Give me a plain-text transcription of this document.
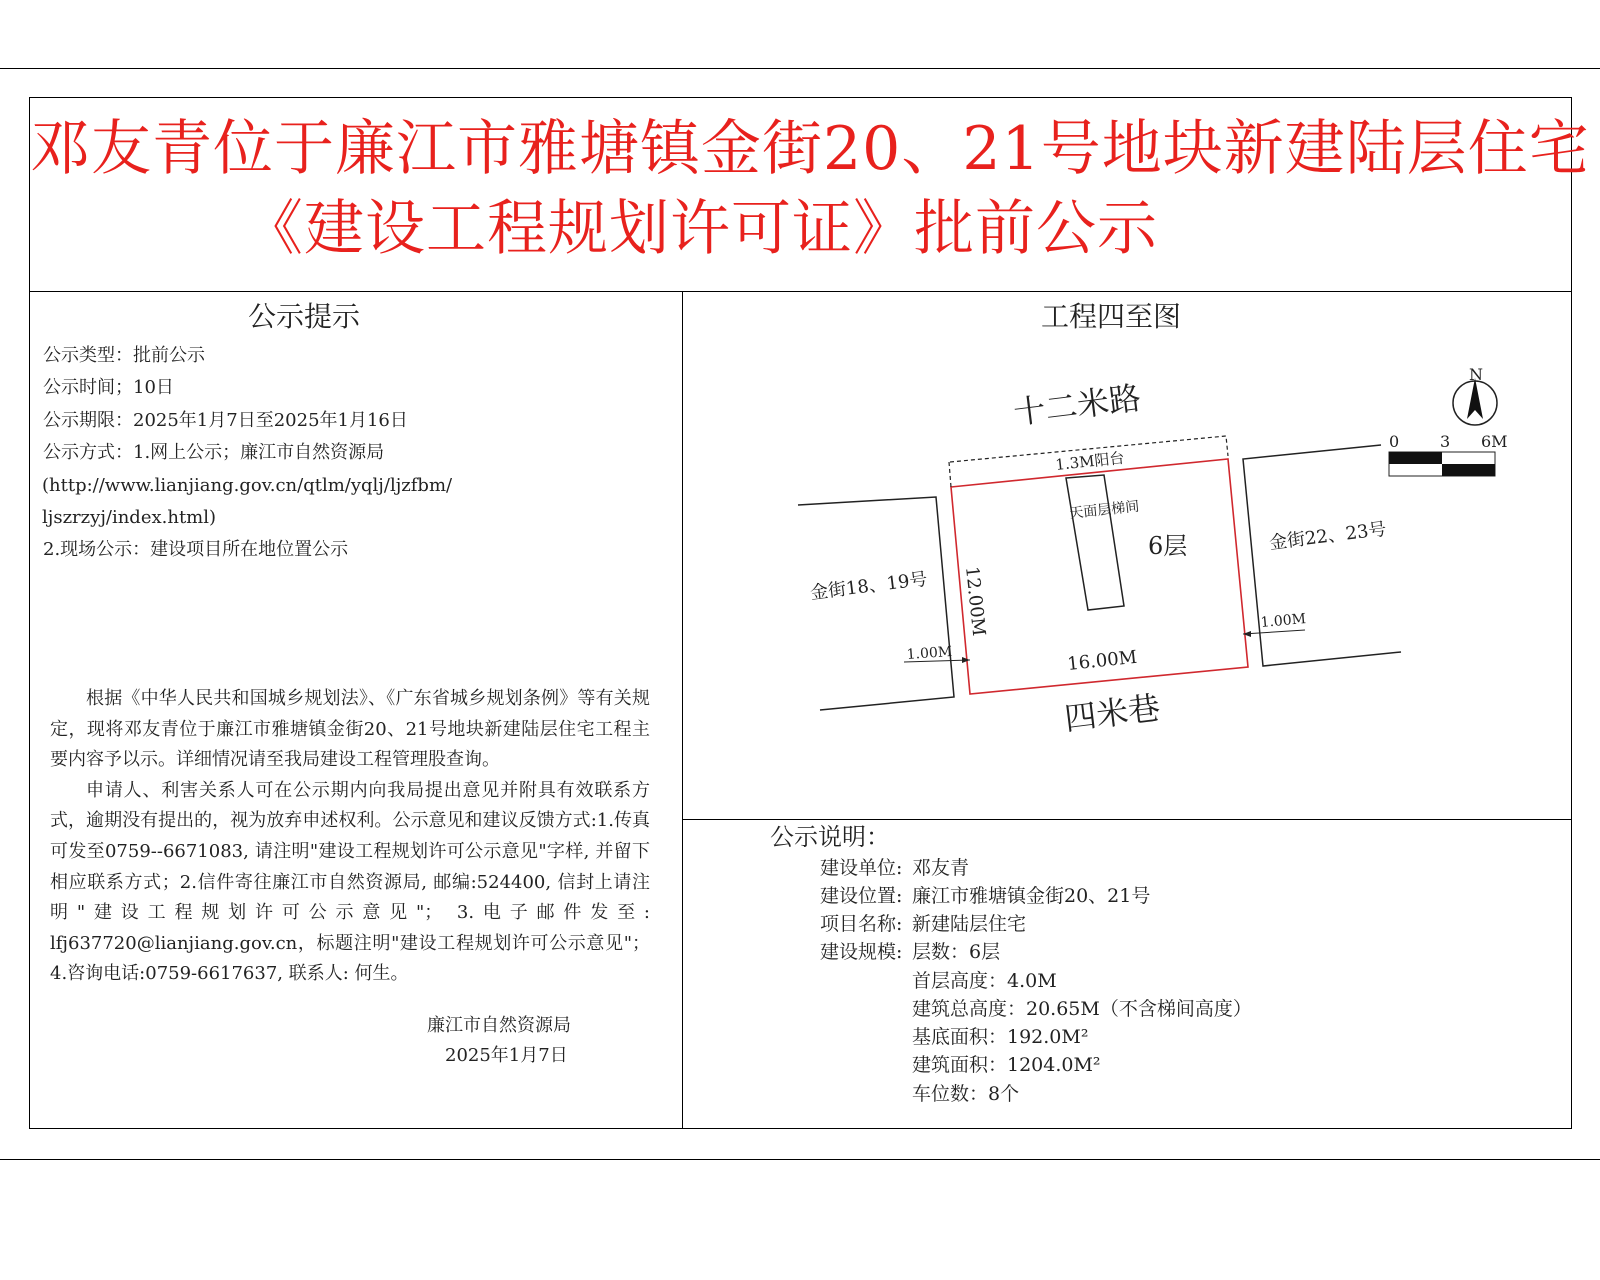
邓友青位于廉江市雅塘镇金街20、21号地块新建陆层住宅
《建设工程规划许可证》批前公示
公示提示
公示类型：批前公示
公示时间；10日
公示期限：2025年1月7日至2025年1月16日
公示方式：1.网上公示；廉江市自然资源局
(http://www.lianjiang.gov.cn/qtlm/yqlj/ljzfbm/
ljszrzyj/index.html)
2.现场公示：建设项目所在地位置公示

根据《中华人民共和国城乡规划法》、《广东省城乡规划条例》等有关规定，现将邓友青位于廉江市雅塘镇金街20、21号地块新建陆层住宅工程主要内容予以示。详细情况请至我局建设工程管理股查询。

申请人、利害关系人可在公示期内向我局提出意见并附具有效联系方式，逾期没有提出的，视为放弃申述权利。公示意见和建议反馈方式:1.传真可发至0759--6671083, 请注明"建设工程规划许可公示意见"字样, 并留下相应联系方式；2.信件寄往廉江市自然资源局, 邮编:524400, 信封上请注明"建设工程规划许可公示意见"； 3.电子邮件发至: lfj637720@lianjiang.gov.cn，标题注明"建设工程规划许可公示意见"；4.咨询电话:0759-6617637, 联系人: 何生。

廉江市自然资源局
2025年1月7日
工程四至图
N
0	3 6M
十二米路
四米巷
金街18、19号
金街22、23号
1.3M阳台
天面层梯间
6层
12.00M
16.00M
1.00M
1.00M
公示说明：
建设单位: 邓友青
建设位置: 廉江市雅塘镇金街20、21号
项目名称: 新建陆层住宅
建设规模: 层数：6层
首层高度：4.0M
建筑总高度：20.65M（不含梯间高度）
基底面积：192.0M²
建筑面积：1204.0M²
车位数：8个
